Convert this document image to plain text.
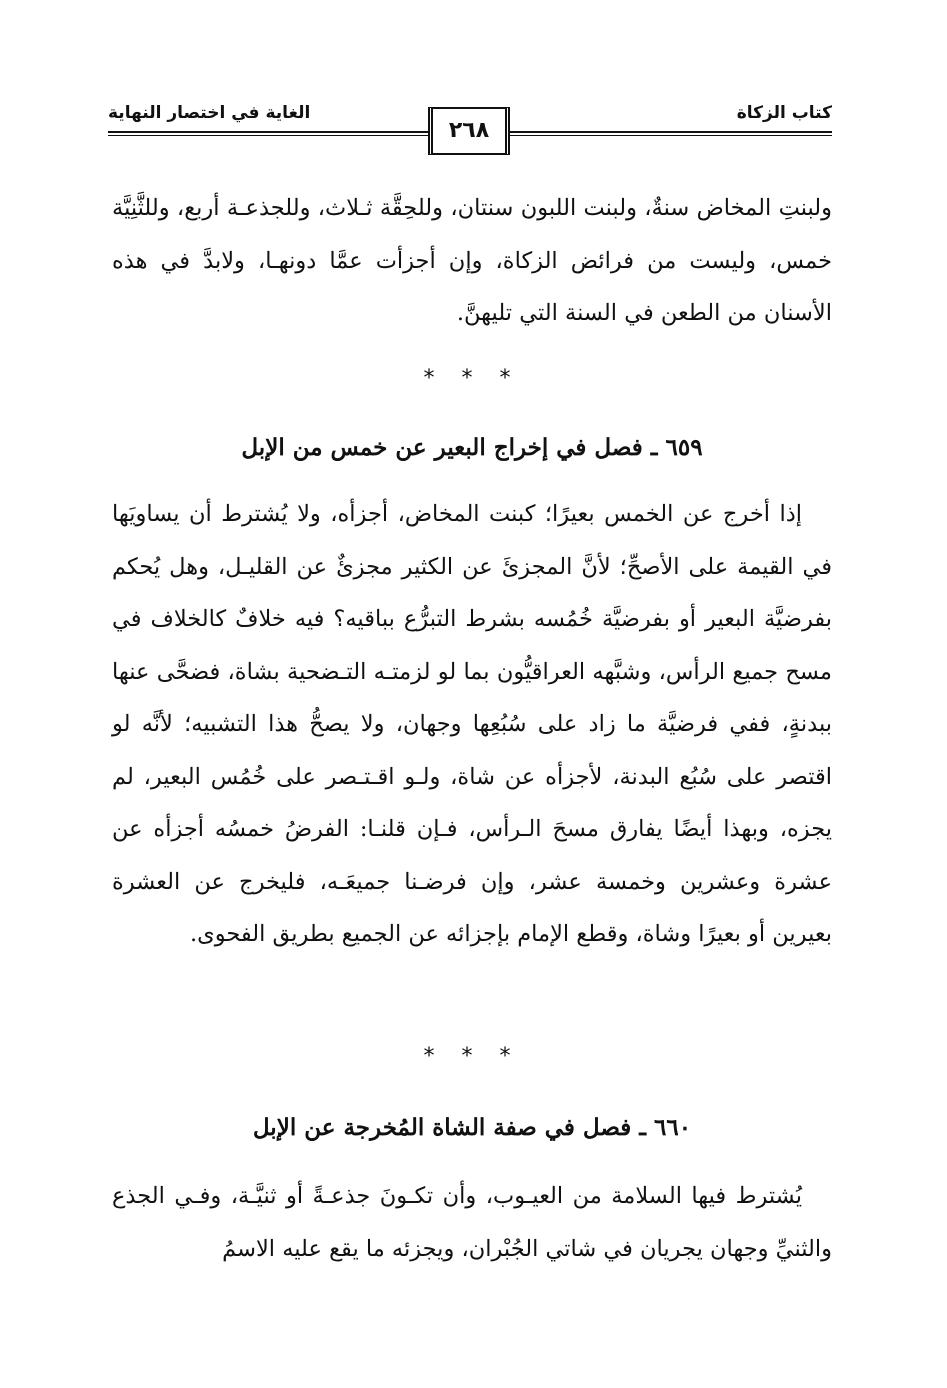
كتاب الزكاة
الغاية في اختصار النهاية
٢٦٨
ولبنتِ المخاض سنةٌ، ولبنت اللبون سنتان، وللحِقَّة ثـلاث، وللجذعـة أربع، وللثَّنِيَّة خمس، وليست من فرائض الزكاة، وإن أجزأت عمَّا دونهـا، ولابدَّ في هذه الأسنان من الطعن في السنة التي تليهنَّ.
* * *
٦٥٩ ـ فصل في إخراج البعير عن خمس من الإبل
إذا أخرج عن الخمس بعيرًا؛ كبنت المخاض، أجزأه، ولا يُشترط أن يساويَها في القيمة على الأصحِّ؛ لأنَّ المجزئَ عن الكثير مجزئٌ عن القليـل، وهل يُحكم بفرضيَّة البعير أو بفرضيَّة خُمُسه بشرط التبرُّع بباقيه؟ فيه خلافٌ كالخلاف في مسح جميع الرأس، وشبَّهه العراقيُّون بما لو لزمتـه التـضحية بشاة، فضحَّى عنها ببدنةٍ، ففي فرضيَّة ما زاد على سُبُعِها وجهان، ولا يصحُّ هذا التشبيه؛ لأنَّه لو اقتصر على سُبُع البدنة، لأجزأه عن شاة، ولـو اقـتـصر على خُمُس البعير، لم يجزه، وبهذا أيضًا يفارق مسحَ الـرأس، فـإن قلنـا: الفرضُ خمسُه أجزأه عن عشرة وعشرين وخمسة عشر، وإن فرضـنا جميعَـه، فليخرج عن العشرة بعيرين أو بعيرًا وشاة، وقطع الإمام بإجزائه عن الجميع بطريق الفحوى.
* * *
٦٦٠ ـ فصل في صفة الشاة المُخرجة عن الإبل
يُشترط فيها السلامة من العيـوب، وأن تكـونَ جذعـةً أو ثنيَّـة، وفـي الجذع والثنيِّ وجهان يجريان في شاتي الجُبْران، ويجزئه ما يقع عليه الاسمُ
